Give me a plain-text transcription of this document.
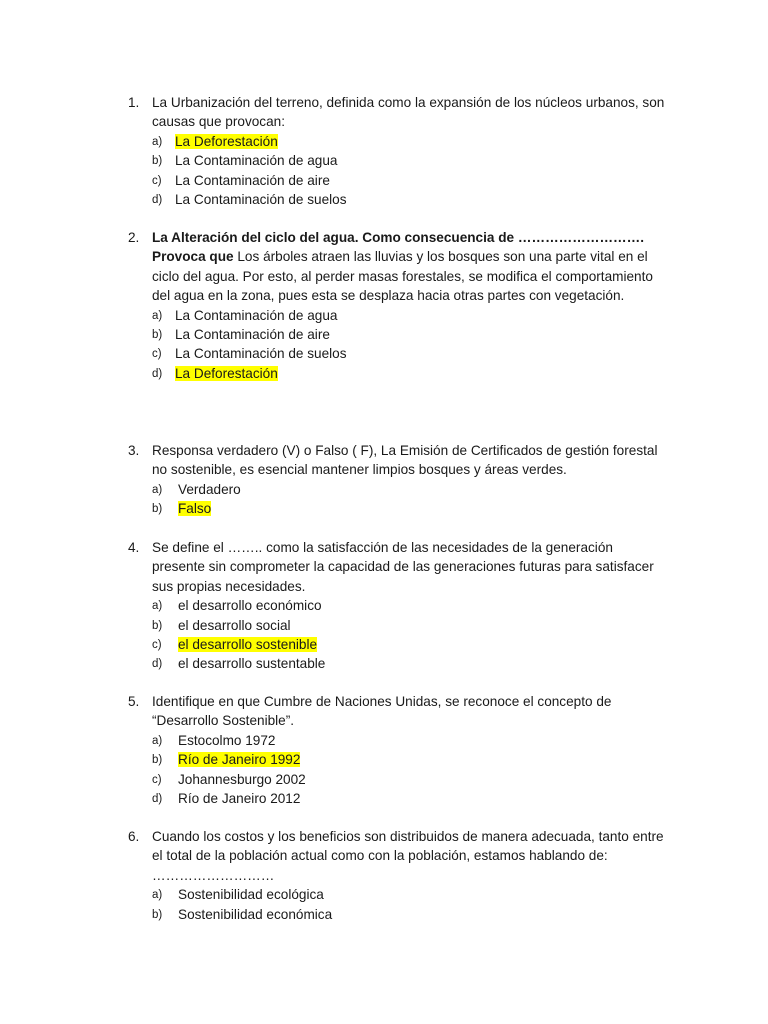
1. La Urbanización del terreno, definida como la expansión de los núcleos urbanos, son causas que provocan:

a) La Deforestación
b) La Contaminación de agua
c) La Contaminación de aire
d) La Contaminación de suelos
2. La Alteración del ciclo del agua. Como consecuencia de ………………………. Provoca que Los árboles atraen las lluvias y los bosques son una parte vital en el ciclo del agua. Por esto, al perder masas forestales, se modifica el comportamiento del agua en la zona, pues esta se desplaza hacia otras partes con vegetación.

a) La Contaminación de agua
b) La Contaminación de aire
c) La Contaminación de suelos
d) La Deforestación
3. Responsa verdadero (V) o Falso ( F), La Emisión de Certificados de gestión forestal no sostenible, es esencial mantener limpios bosques y áreas verdes.

a) Verdadero
b) Falso
4. Se define el …….. como la satisfacción de las necesidades de la generación presente sin comprometer la capacidad de las generaciones futuras para satisfacer sus propias necesidades.

a) el desarrollo económico
b) el desarrollo social
c) el desarrollo sostenible
d) el desarrollo sustentable
5. Identifique en que Cumbre de Naciones Unidas, se reconoce el concepto de “Desarrollo Sostenible”.

a) Estocolmo 1972
b) Río de Janeiro 1992
c) Johannesburgo 2002
d) Río de Janeiro 2012
6. Cuando los costos y los beneficios son distribuidos de manera adecuada, tanto entre el total de la población actual como con la población, estamos hablando de: ………………………

a) Sostenibilidad ecológica
b) Sostenibilidad económica
